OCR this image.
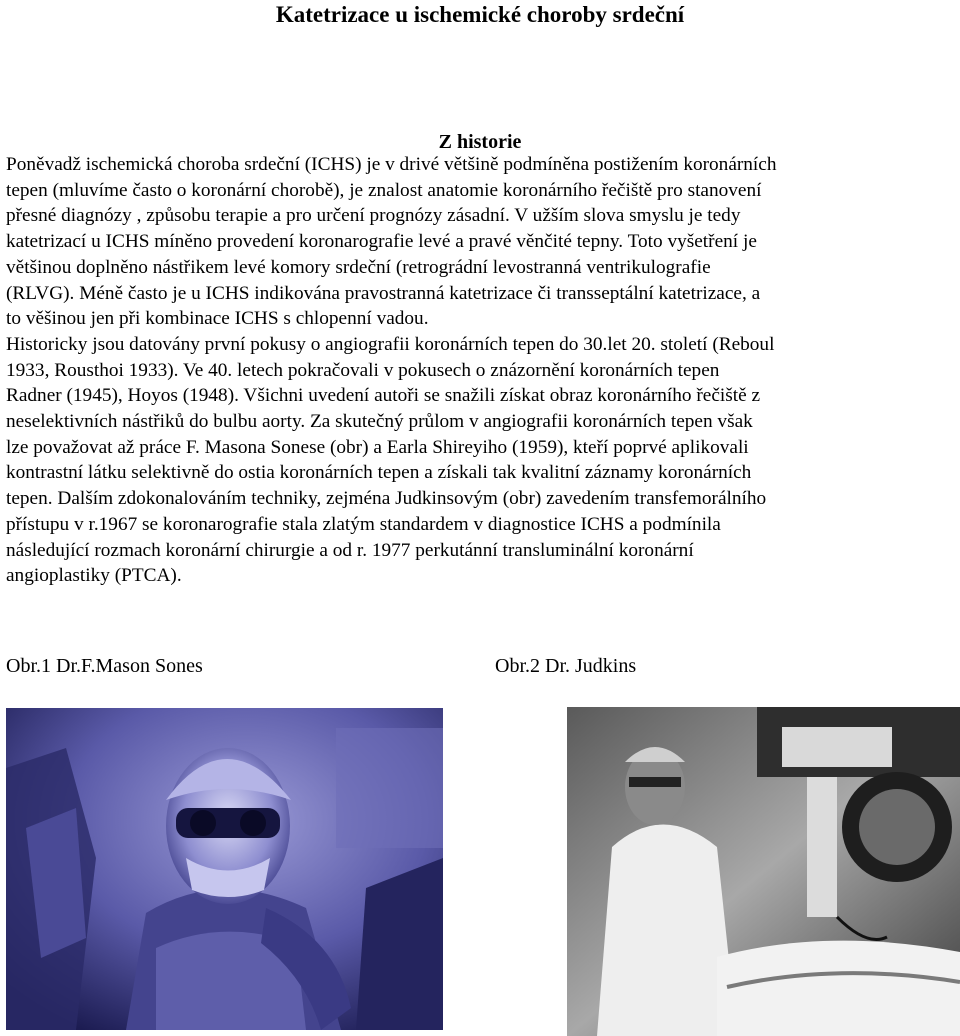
Katetrizace u ischemické choroby srdeční
Z historie

Poněvadž ischemická choroba srdeční (ICHS) je v drivé většině podmíněna postižením koronárních
tepen (mluvíme často o koronární chorobě), je znalost anatomie koronárního řečiště pro stanovení
přesné diagnózy , způsobu terapie a pro určení prognózy zásadní. V užším slova smyslu je tedy
katetrizací u ICHS míněno provedení koronarografie levé a pravé věnčité tepny. Toto vyšetření je
většinou doplněno nástřikem levé komory srdeční (retrográdní levostranná ventrikulografie
(RLVG). Méně často je u ICHS indikována pravostranná katetrizace či transseptální katetrizace, a
to věšinou jen při kombinace ICHS s chlopenní vadou.
Historicky jsou datovány první pokusy o angiografii koronárních tepen do 30.let 20. století (Reboul
1933, Rousthoi 1933). Ve 40. letech pokračovali v pokusech o znázornění koronárních tepen
Radner (1945), Hoyos (1948). Všichni uvedení autoři se snažili získat obraz koronárního řečiště z
neselektivních nástřiků do bulbu aorty. Za skutečný průlom v angiografii koronárních tepen však
lze považovat až práce F. Masona Sonese (obr) a Earla Shireyiho (1959), kteří poprvé aplikovali
kontrastní látku selektivně do ostia koronárních tepen a získali tak kvalitní záznamy koronárních
tepen. Dalším zdokonalováním techniky, zejména Judkinsovým (obr) zavedením transfemorálního
přístupu v r.1967 se koronarografie stala zlatým standardem v diagnostice ICHS a podmínila
následující rozmach koronární chirurgie a od r. 1977 perkutánní transluminální koronární
angioplastiky (PTCA).

Obr.1 Dr.F.Mason Sones	Obr.2 Dr. Judkins
